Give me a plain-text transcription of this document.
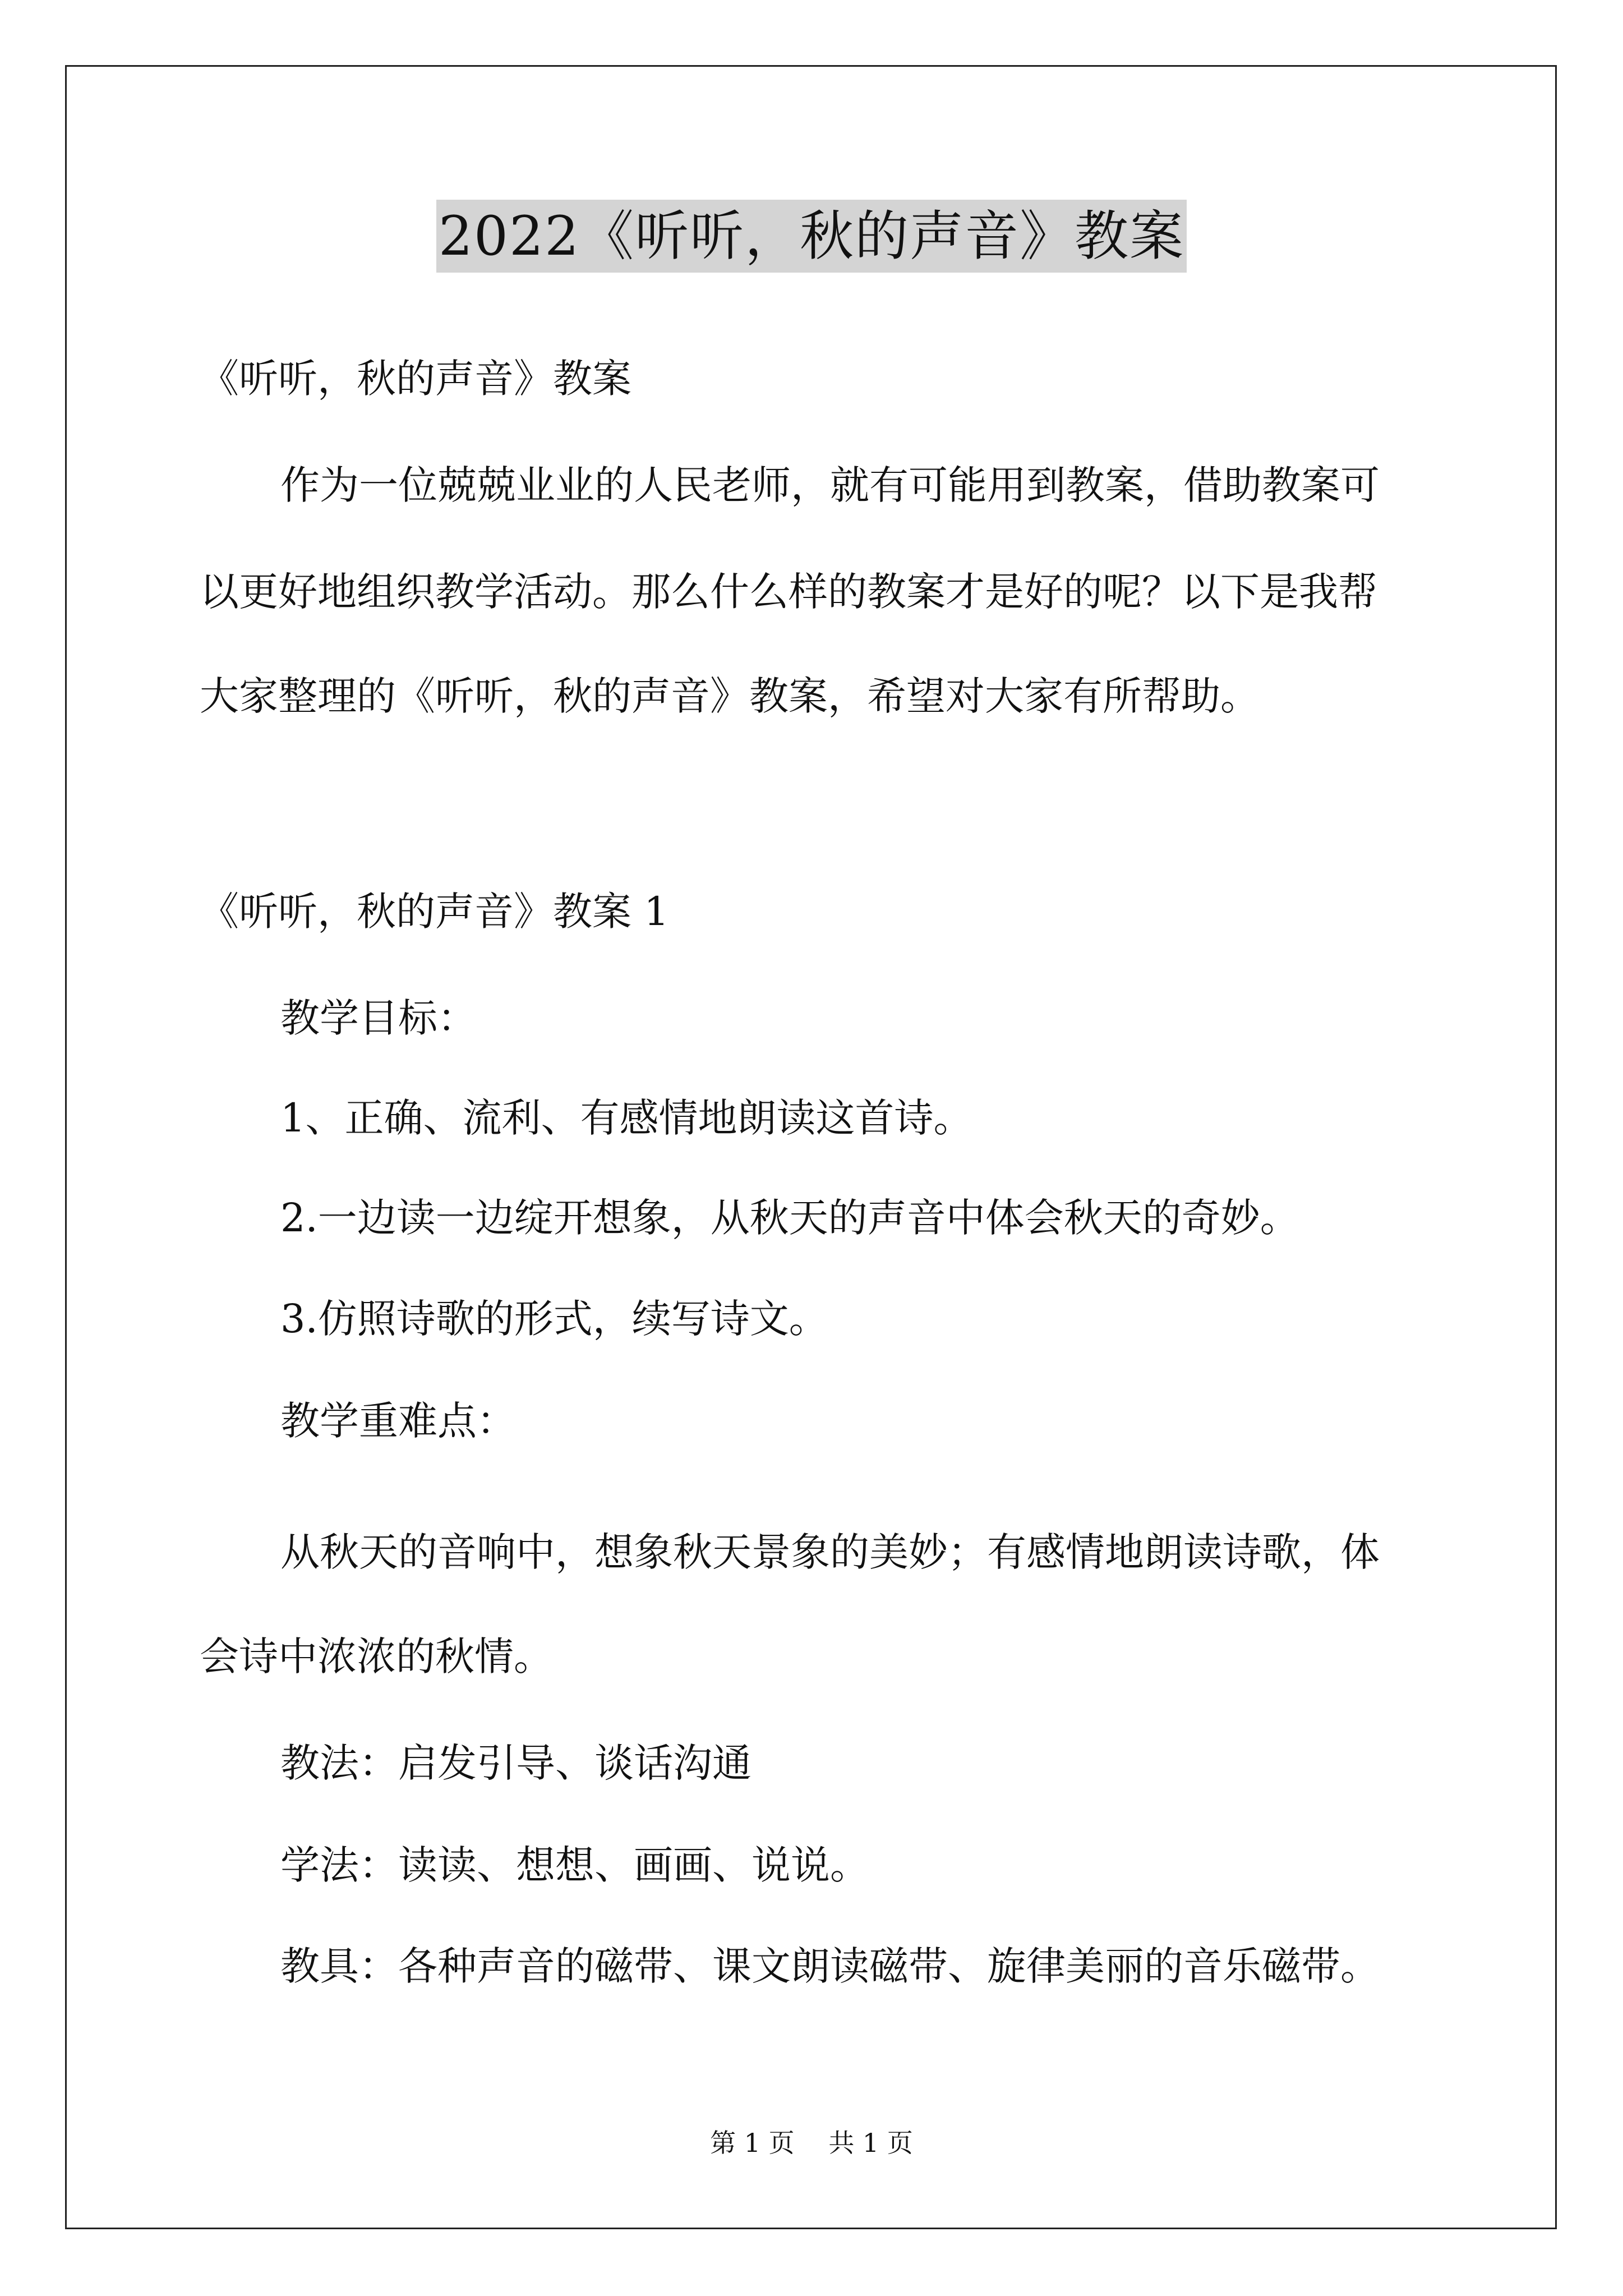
2022《听听，秋的声音》教案
《听听，秋的声音》教案
作为一位兢兢业业的人民老师，就有可能用到教案，借助教案可
以更好地组织教学活动。那么什么样的教案才是好的呢？以下是我帮
大家整理的《听听，秋的声音》教案，希望对大家有所帮助。
《听听，秋的声音》教案 1
教学目标：
1、正确、流利、有感情地朗读这首诗。
2.一边读一边绽开想象，从秋天的声音中体会秋天的奇妙。
3.仿照诗歌的形式，续写诗文。
教学重难点：
从秋天的音响中，想象秋天景象的美妙；有感情地朗读诗歌，体
会诗中浓浓的秋情。
教法：启发引导、谈话沟通
学法：读读、想想、画画、说说。
教具：各种声音的磁带、课文朗读磁带、旋律美丽的音乐磁带。
第 1 页 共 1 页
